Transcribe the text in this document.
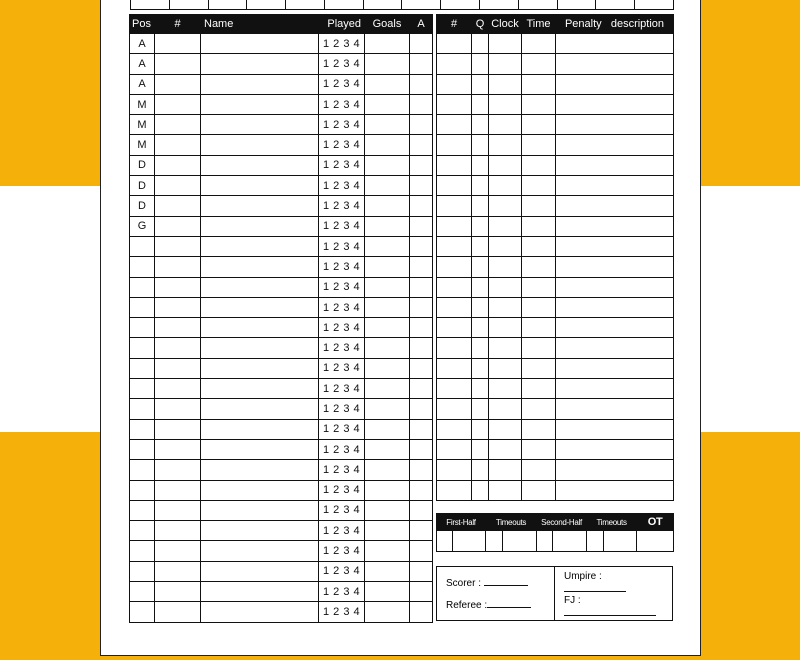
Pos	#	Name	Played	Goals	A
A			1 2 3 4		
A			1 2 3 4		
A			1 2 3 4		
M			1 2 3 4		
M			1 2 3 4		
M			1 2 3 4		
D			1 2 3 4		
D			1 2 3 4		
D			1 2 3 4		
G			1 2 3 4		
			1 2 3 4		
			1 2 3 4		
			1 2 3 4		
			1 2 3 4		
			1 2 3 4		
			1 2 3 4		
			1 2 3 4		
			1 2 3 4		
			1 2 3 4		
			1 2 3 4		
			1 2 3 4		
			1 2 3 4		
			1 2 3 4		
			1 2 3 4		
			1 2 3 4		
			1 2 3 4		
			1 2 3 4		
			1 2 3 4		
			1 2 3 4		
#	Q	Clock	Time	Penalty description

First-Half		Timeouts		Second-Half		Timeouts		OT

Scorer :
Referee :
Umpire :
FJ :
